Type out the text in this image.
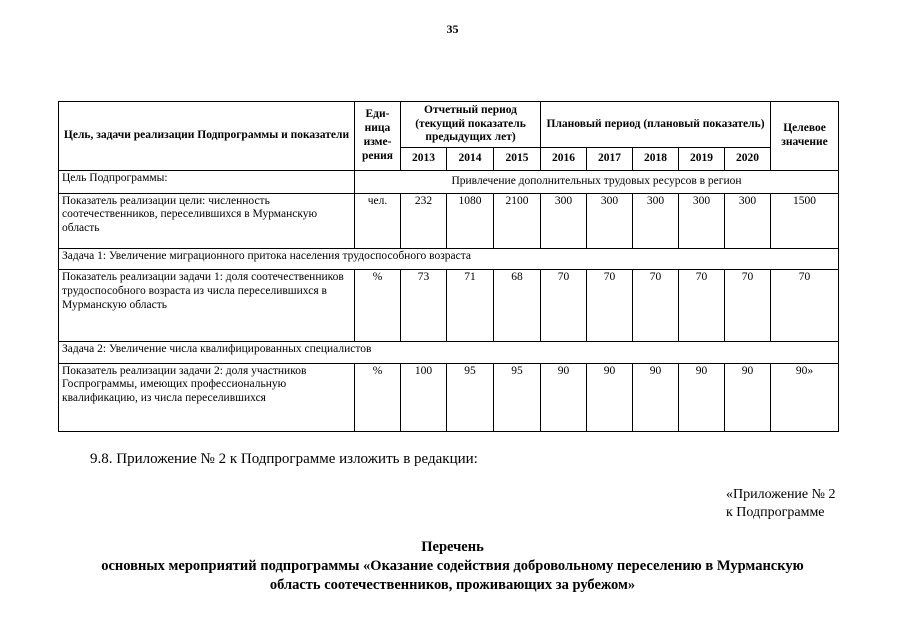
35
Цель, задачи реализации Подпрограммы и показатели	Еди-ница изме-рения	Отчетный период (текущий показатель предыдущих лет)			Плановый период (плановый показатель)					Целевое значение
		2013	2014	2015	2016	2017	2018	2019	2020	
Цель Подпрограммы:	Привлечение дополнительных трудовых ресурсов в регион									
Показатель реализации цели: численность соотечественников, переселившихся в Мурманскую область	чел.	232	1080	2100	300	300	300	300	300	1500
Задача 1: Увеличение миграционного притока населения трудоспособного возраста										
Показатель реализации задачи 1: доля соотечественников трудоспособного возраста из числа переселившихся в Мурманскую область	%	73	71	68	70	70	70	70	70	70
Задача 2: Увеличение числа квалифицированных специалистов										
Показатель реализации задачи 2: доля участников Госпрограммы, имеющих профессиональную квалификацию, из числа переселившихся	%	100	95	95	90	90	90	90	90	90»
9.8. Приложение № 2 к Подпрограмме изложить в редакции:
«Приложение № 2
к Подпрограмме
Перечень
основных мероприятий подпрограммы «Оказание содействия добровольному переселению в Мурманскую
область соотечественников, проживающих за рубежом»
